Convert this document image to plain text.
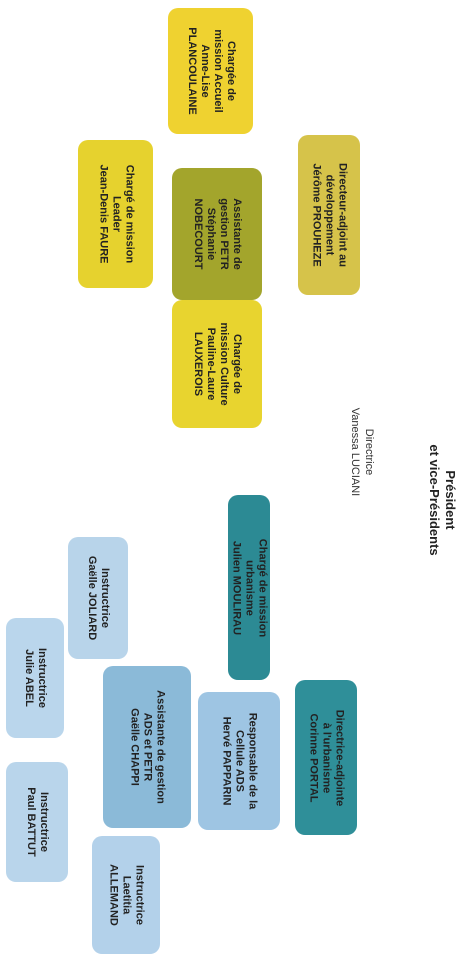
Président
et vice-Présidents
Directrice
Vanessa LUCIANI
Chargée de
mission Accueil
Anne-Lise
PLANCOULAINE
Chargé de mission
Leader
Jean-Denis FAURE	Assistante de
gestion PETR
Stéphanie
NOBECOURT	Directeur-adjoint au
développement
Jérôme PROUHEZE
Chargée de
mission Culture
Pauline-Laure
LAUXEROIS
Chargé de mission
urbanisme
Julien MOULIRAU
Directrice-adjointe
à l'urbanisme
Corinne PORTAL
Responsable de la
Cellule ADS
Hervé PAPPARIN
Assistante de gestion
ADS et PETR
Gaëlle CHAPPI
Instructrice
Gaëlle JOLIARD
Instructrice
Julie ABEL
Instructrice
Paul BATTUT
Instructrice
Laetitia
ALLEMAND
